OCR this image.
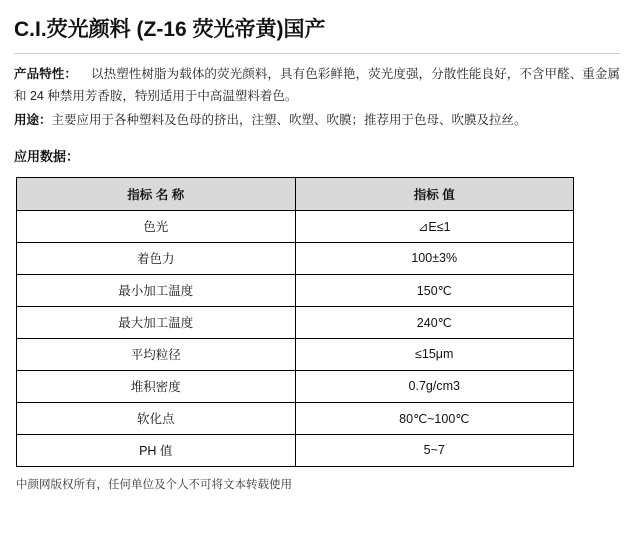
C.I.荧光颜料 (Z-16 荧光帝黄)国产

产品特性： 以热塑性树脂为载体的荧光颜料，具有色彩鲜艳，荧光度强，分散性能良好，不含甲醛、重金属和 24 种禁用芳香胺，特别适用于中高温塑料着色。

用途：主要应用于各种塑料及色母的挤出，注塑、吹塑、吹膜；推荐用于色母、吹膜及拉丝。

应用数据：
指标 名 称	指标 值
色光	⊿E≤1
着色力	100±3%
最小加工温度	150℃
最大加工温度	240℃
平均粒径	≤15μm
堆积密度	0.7g/cm3
软化点	80℃~100℃
PH 值	5~7
中颜网版权所有，任何单位及个人不可将文本转载使用
